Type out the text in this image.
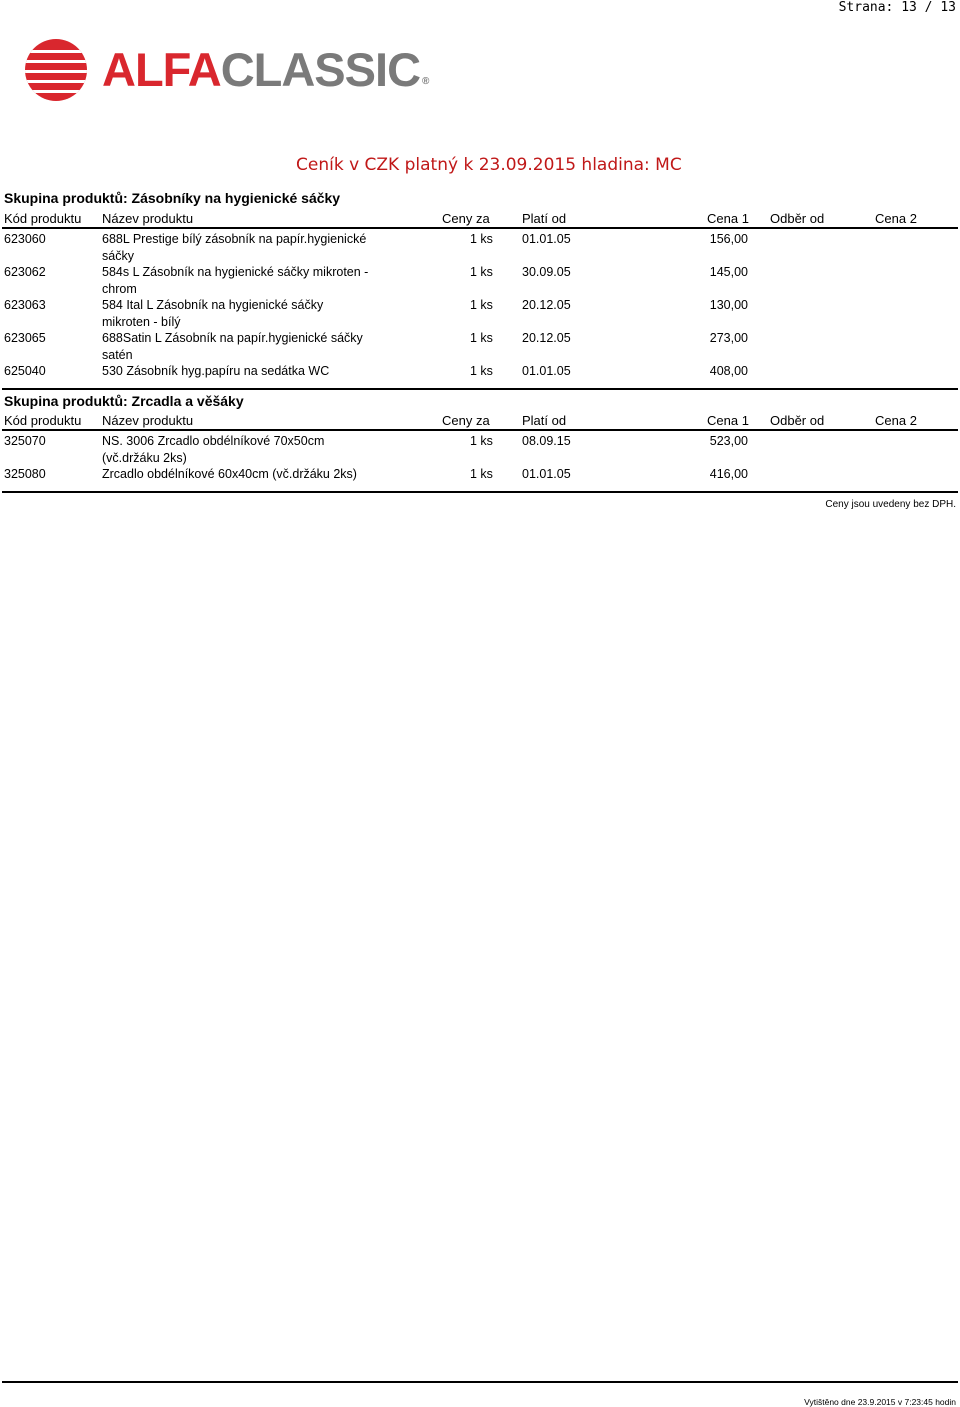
Strana: 13 / 13
ALFACLASSIC ®
Ceník v CZK platný k 23.09.2015 hladina: MC
Skupina produktů: Zásobníky na hygienické sáčky
Kód produktu Název produktu	Ceny za Platí od	Cena 1 Odběr od	Cena 2
623060	688L Prestige bílý zásobník na papír.hygienické	1 ks 01.01.05	156,00
sáčky
623062	584s L Zásobník na hygienické sáčky mikroten -	1 ks 30.09.05	145,00
chrom
623063	584 Ital L Zásobník na hygienické sáčky	1 ks 20.12.05	130,00
mikroten - bílý
623065	688Satin L Zásobník na papír.hygienické sáčky	1 ks 20.12.05	273,00
satén
625040	530 Zásobník hyg.papíru na sedátka WC	1 ks 01.01.05	408,00
Skupina produktů: Zrcadla a věšáky
Kód produktu Název produktu	Ceny za Platí od	Cena 1 Odběr od	Cena 2
325070	NS. 3006 Zrcadlo obdélníkové 70x50cm	1 ks 08.09.15	523,00
(vč.držáku 2ks)
325080	Zrcadlo obdélníkové 60x40cm (vč.držáku 2ks)	1 ks 01.01.05	416,00
Ceny jsou uvedeny bez DPH.
Vytištěno dne 23.9.2015 v 7:23:45 hodin
